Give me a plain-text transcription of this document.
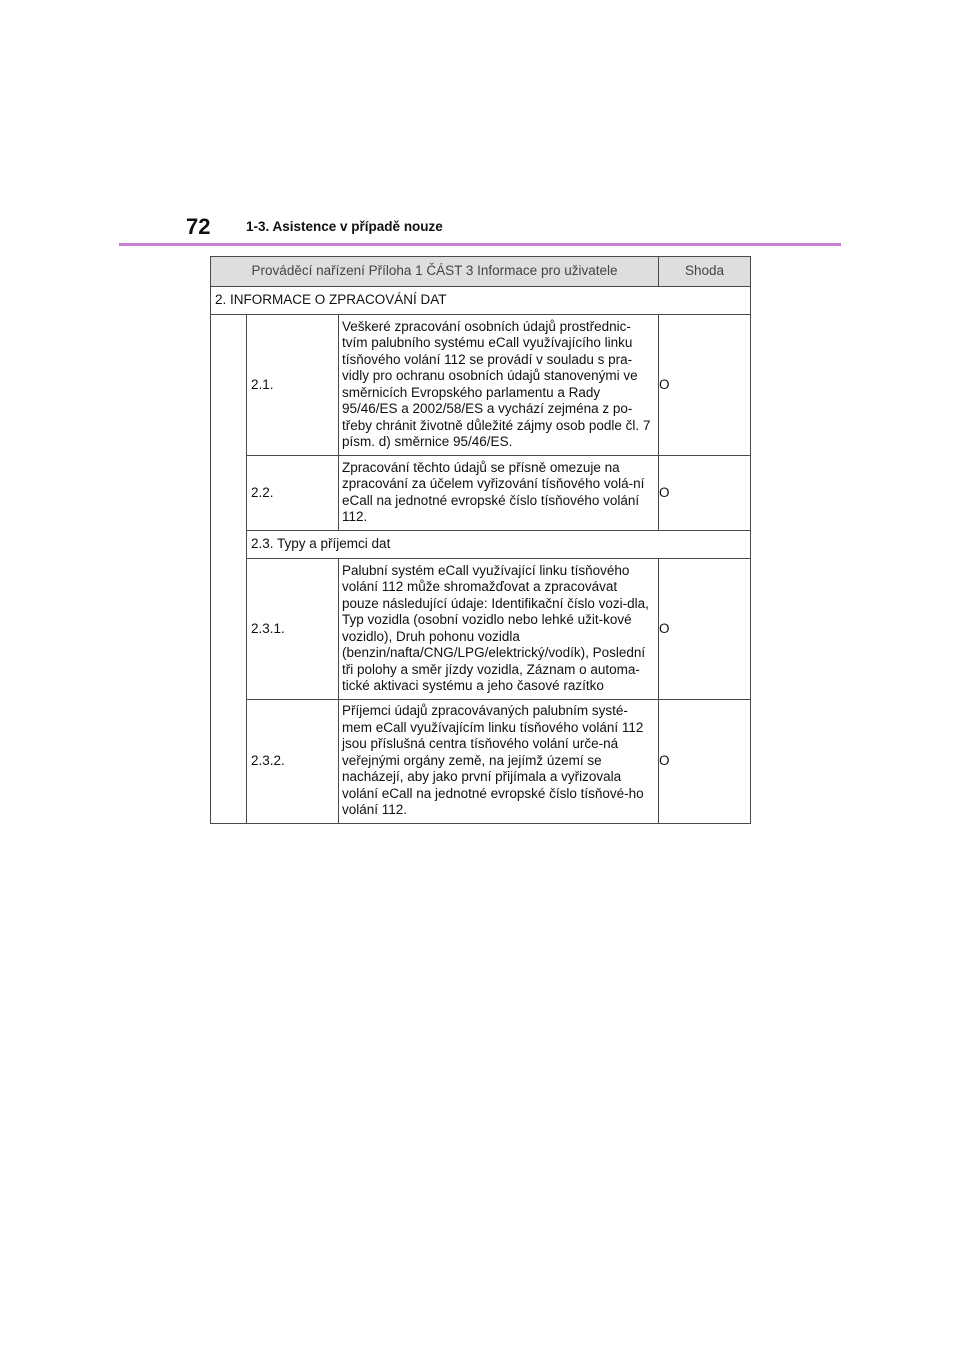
72	1-3. Asistence v případě nouze
Prováděcí nařízení Příloha 1 ČÁST 3 Informace pro uživatele			Shoda
2. INFORMACE O ZPRACOVÁNÍ DAT			
	2.1.	Veškeré zpracování osobních údajů prostřednic-tvím palubního systému eCall využívajícího linku tísňového volání 112 se provádí v souladu s pra-vidly pro ochranu osobních údajů stanovenými ve směrnicích Evropského parlamentu a Rady 95/46/ES a 2002/58/ES a vychází zejména z po-třeby chránit životně důležité zájmy osob podle čl. 7 písm. d) směrnice 95/46/ES.	O
	2.2.	Zpracování těchto údajů se přísně omezuje na zpracování za účelem vyřizování tísňového volá-ní eCall na jednotné evropské číslo tísňového volání 112.	O
	2.3. Typy a příjemci dat		
	2.3.1.	Palubní systém eCall využívající linku tísňového volání 112 může shromažďovat a zpracovávat pouze následující údaje: Identifikační číslo vozi-dla, Typ vozidla (osobní vozidlo nebo lehké užit-kové vozidlo), Druh pohonu vozidla (benzin/nafta/CNG/LPG/elektrický/vodík), Poslední tři polohy a směr jízdy vozidla, Záznam o automa-tické aktivaci systému a jeho časové razítko	O
	2.3.2.	Příjemci údajů zpracovávaných palubním systé-mem eCall využívajícím linku tísňového volání 112 jsou příslušná centra tísňového volání urče-ná veřejnými orgány země, na jejímž území se nacházejí, aby jako první přijímala a vyřizovala volání eCall na jednotné evropské číslo tísňové-ho volání 112.	O
